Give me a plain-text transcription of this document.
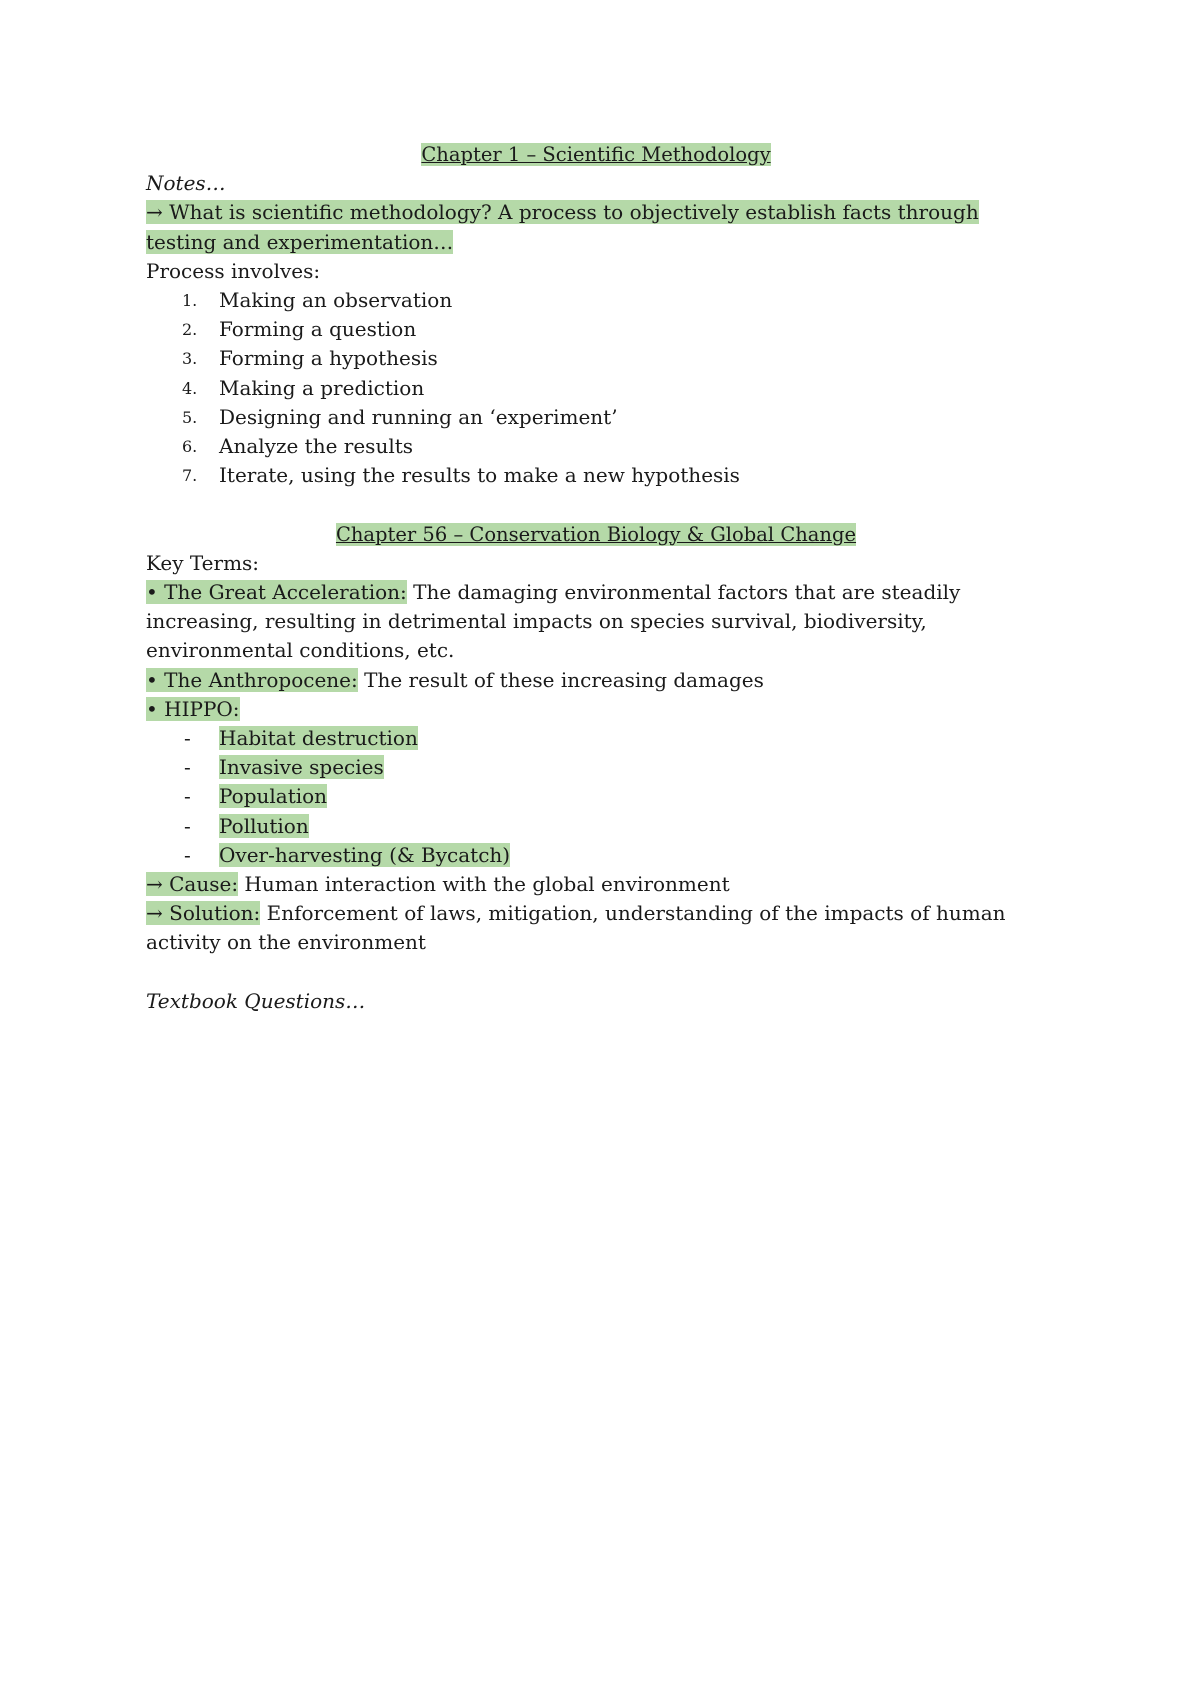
Chapter 1 – Scientific Methodology
Notes…
→ What is scientific methodology? A process to objectively establish facts through testing and experimentation…
Process involves:
1.	Making an observation
2.	Forming a question
3.	Forming a hypothesis
4.	Making a prediction
5.	Designing and running an ‘experiment’
6.	Analyze the results
7.	Iterate, using the results to make a new hypothesis
Chapter 56 – Conservation Biology & Global Change
Key Terms:
• The Great Acceleration: The damaging environmental factors that are steadily increasing, resulting in detrimental impacts on species survival, biodiversity, environmental conditions, etc.
• The Anthropocene: The result of these increasing damages
• HIPPO:
-	Habitat destruction
-	Invasive species
-	Population
-	Pollution
-	Over-harvesting (& Bycatch)
→ Cause: Human interaction with the global environment
→ Solution: Enforcement of laws, mitigation, understanding of the impacts of human activity on the environment
Textbook Questions…
